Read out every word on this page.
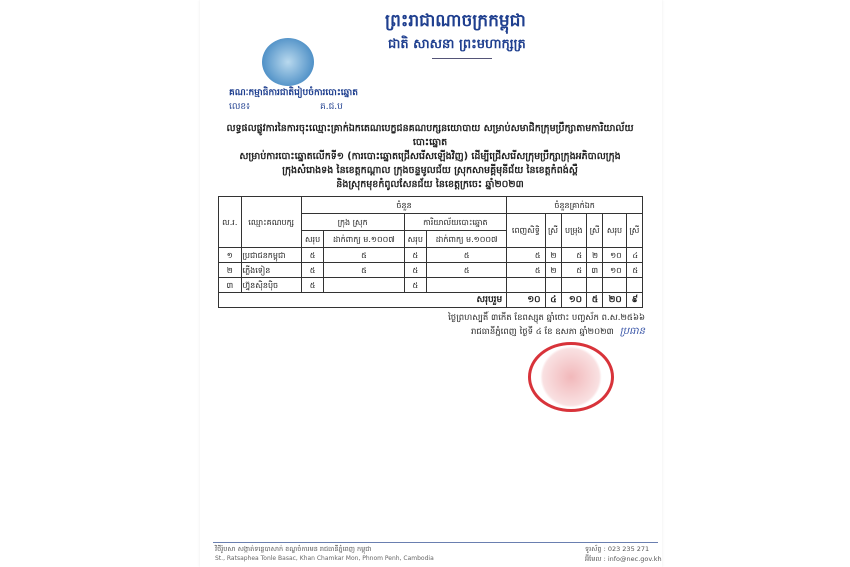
ព្រះរាជាណាចក្រកម្ពុជា
ជាតិ សាសនា ព្រះមហាក្សត្រ
គណៈកម្មាធិការជាតិរៀបចំការបោះឆ្នោត
លេខ៖	គ.ជ.ប
លទ្ធផលផ្លូវការនៃការចុះឈ្មោះគ្រាក់ឯកតេណបេក្ខជនគណបក្សនយោបាយ សម្រាប់សមាជិកក្រុមប្រឹក្សាតាមការិយាល័យបោះឆ្នោត
សម្រាប់ការបោះឆ្នោតលើកទី១ (ការបោះឆ្នោតជ្រើសរើសឡើងវិញ) ដើម្បីជ្រើសរើសក្រុមប្រឹក្សាក្រុងអភិបាលក្រុង
ក្រុងសំរោងទង នៃខេត្តកណ្ដាល ក្រុងចន្ទមូលជ័យ ស្រុកសាមគ្គីមុនីជ័យ នៃខេត្តកំពង់ស្ពឺ
និងស្រុកមុខកំពូលសែនជ័យ នៃខេត្តក្រចេះ ឆ្នាំ២០២៣
ល.រ.	ឈ្មោះគណបក្ស	ចំនួន				ចំនួនគ្រាក់ឯក					
		ក្រុង ស្រុក		ការិយាល័យបោះឆ្នោត		ពេញសិទ្ធិ	ស្រី	បម្រុង	ស្រី	សរុប	ស្រី
		សរុប	ដាក់ពាក្យ ម.១០០៧	សរុប	ដាក់ពាក្យ ម.១០០៧						
១	ប្រជាជនកម្ពុជា	៥	៥	៥	៥	៥	២	៥	២	១០	៤
២	ភ្លើងទៀន	៥	៥	៥	៥	៥	២	៥	៣	១០	៥
៣	ហ្វ៊ុនស៊ិនប៉ិច	៥		៥							
សរុបរួម						១០	៤	១០	៥	២០	៩
ថ្ងៃព្រហស្បតិ៍ ៣កើត ខែពស្សុត ឆ្នាំថោះ បញ្ចស័ក ព.ស.២៥៦៦
រាជធានីភ្នំពេញ ថ្ងៃទី ៤ ខែ ឧសភា ឆ្នាំ២០២៣ ប្រធាន
វិថីរ៉ូបសា សង្កាត់ទន្លេបាសាក់ ខណ្ឌចំការមន រាជធានីភ្នំពេញ កម្ពុជា
St., Ratsaphea Tonle Basac, Khan Chamkar Mon, Phnom Penh, Cambodia
ទូរស័ព្ទ : 023 235 271
អ៊ីមែល : info@nec.gov.kh
